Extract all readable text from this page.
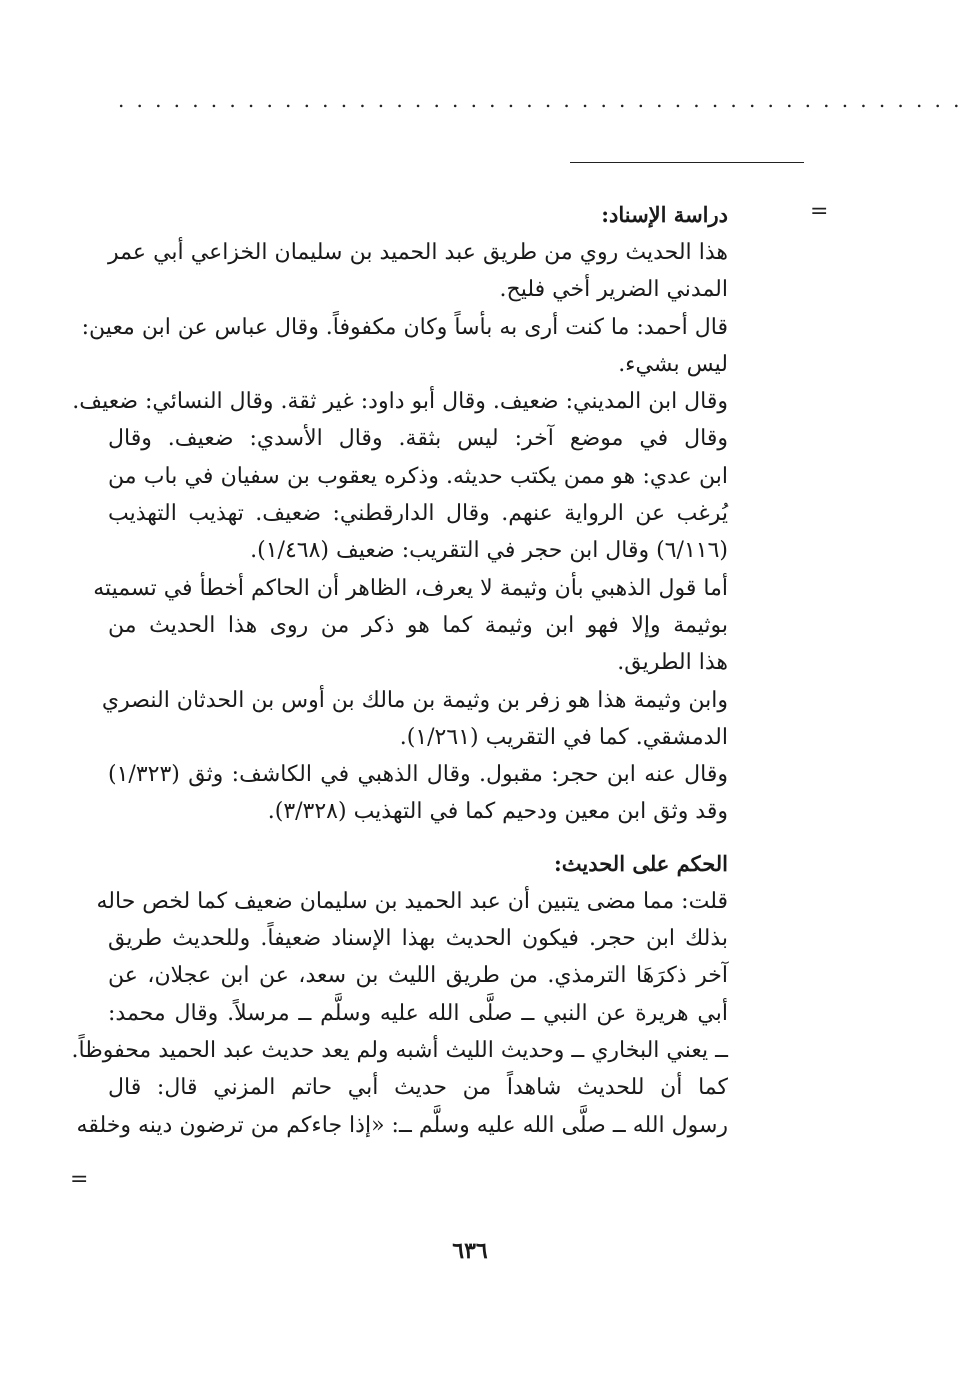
..............................................
=
دراسة الإسناد:
هذا الحديث روي من طريق عبد الحميد بن سليمان الخزاعي أبي عمر
المدني الضرير أخي فليح.
قال أحمد: ما كنت أرى به بأساً وكان مكفوفاً. وقال عباس عن ابن معين:
ليس بشيء.
وقال ابن المديني: ضعيف. وقال أبو داود: غير ثقة. وقال النسائي: ضعيف.
وقال في موضع آخر: ليس بثقة. وقال الأسدي: ضعيف. وقال
ابن عدي: هو ممن يكتب حديثه. وذكره يعقوب بن سفيان في باب من
يُرغب عن الرواية عنهم. وقال الدارقطني: ضعيف. تهذيب التهذيب
(٦/١١٦) وقال ابن حجر في التقريب: ضعيف (١/٤٦٨).
أما قول الذهبي بأن وثيمة لا يعرف، الظاهر أن الحاكم أخطأ في تسميته
بوثيمة وإلا فهو ابن وثيمة كما هو ذكر من روى هذا الحديث من
هذا الطريق.
وابن وثيمة هذا هو زفر بن وثيمة بن مالك بن أوس بن الحدثان النصري
الدمشقي. كما في التقريب (١/٢٦١).
وقال عنه ابن حجر: مقبول. وقال الذهبي في الكاشف: وثق (١/٣٢٣)
وقد وثق ابن معين ودحيم كما في التهذيب (٣/٣٢٨).
الحكم على الحديث:
قلت: مما مضى يتبين أن عبد الحميد بن سليمان ضعيف كما لخص حاله
بذلك ابن حجر. فيكون الحديث بهذا الإسناد ضعيفاً. وللحديث طريق
آخر ذكرَهَا الترمذي. من طريق الليث بن سعد، عن ابن عجلان، عن
أبي هريرة عن النبي ــ صلَّى الله عليه وسلَّم ــ مرسلاً. وقال محمد:
ــ يعني البخاري ــ وحديث الليث أشبه ولم يعد حديث عبد الحميد محفوظاً.
كما أن للحديث شاهداً من حديث أبي حاتم المزني قال: قال
رسول الله ــ صلَّى الله عليه وسلَّم ــ: «إذا جاءكم من ترضون دينه وخلقه
=
٦٣٦
